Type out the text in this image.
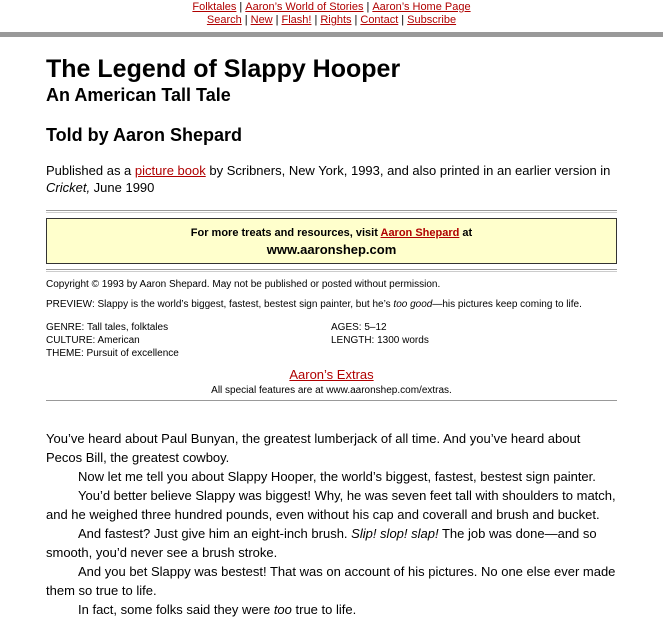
Folktales | Aaron’s World of Stories | Aaron’s Home Page
Search | New | Flash! | Rights | Contact | Subscribe
The Legend of Slappy Hooper
An American Tall Tale
Told by Aaron Shepard

Published as a picture book by Scribners, New York, 1993, and also printed in an earlier version in Cricket, June 1990

For more treats and resources, visit Aaron Shepard at
www.aaronshep.com
Copyright © 1993 by Aaron Shepard. May not be published or posted without permission.
PREVIEW: Slappy is the world’s biggest, fastest, bestest sign painter, but he’s too good—his pictures keep coming to life.
GENRE: Tall tales, folktales
CULTURE: American
THEME: Pursuit of excellence
AGES: 5–12
LENGTH: 1300 words
Aaron’s Extras
All special features are at www.aaronshep.com/extras.

You’ve heard about Paul Bunyan, the greatest lumberjack of all time. And you’ve heard about Pecos Bill, the greatest cowboy.

Now let me tell you about Slappy Hooper, the world’s biggest, fastest, bestest sign painter.

You’d better believe Slappy was biggest! Why, he was seven feet tall with shoulders to match, and he weighed three hundred pounds, even without his cap and coverall and brush and bucket.

And fastest? Just give him an eight-inch brush. Slip! slop! slap! The job was done—and so smooth, you’d never see a brush stroke.

And you bet Slappy was bestest! That was on account of his pictures. No one else ever made them so true to life.

In fact, some folks said they were too true to life.
